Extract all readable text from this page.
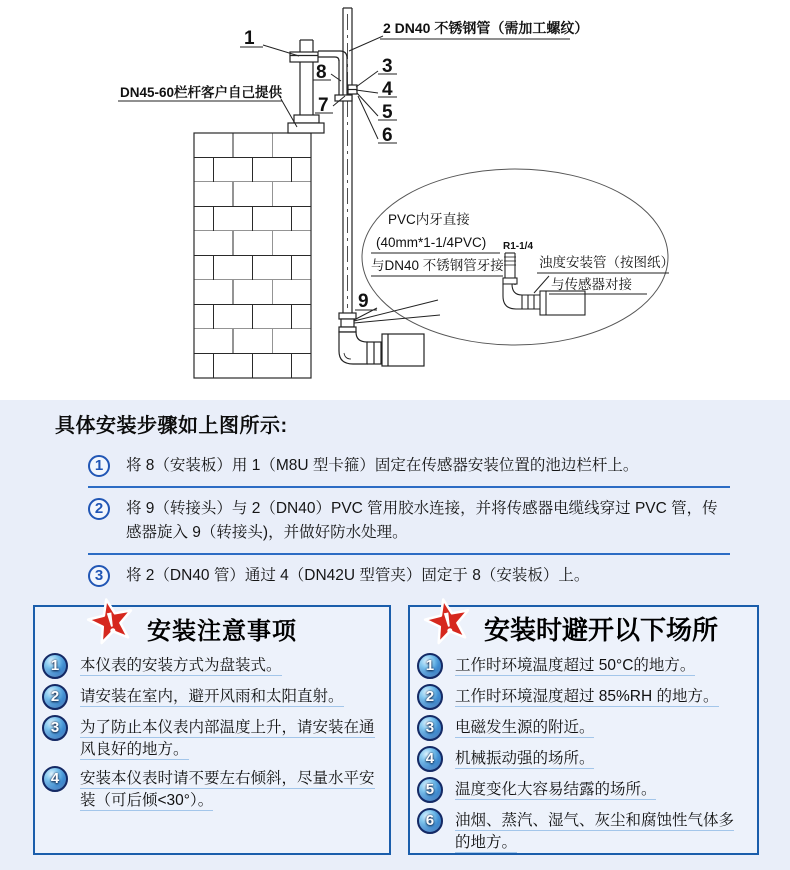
1	2 DN40 不锈钢管（需加工螺纹）
DN45-60栏杆客户自己提供
8
7
3
4
5
6
9
PVC内牙直接
(40mm*1-1/4PVC)
与DN40 不锈钢管牙接
R1-1/4
浊度安装管（按图纸）
与传感器对接
具体安装步骤如上图所示:
1	将 8（安装板）用 1（M8U 型卡箍）固定在传感器安装位置的池边栏杆上。
2	将 9（转接头）与 2（DN40）PVC 管用胶水连接，并将传感器电缆线穿过 PVC 管，传感器旋入 9（转接头)，并做好防水处理。
3	将 2（DN40 管）通过 4（DN42U 型管夹）固定于 8（安装板）上。
! 安装注意事项
1	本仪表的安装方式为盘装式。
2	请安装在室内，避开风雨和太阳直射。
3	为了防止本仪表内部温度上升，请安装在通风良好的地方。
4	安装本仪表时请不要左右倾斜，尽量水平安装（可后倾<30°）。
! 安装时避开以下场所
1	工作时环境温度超过 50°C的地方。
2	工作时环境湿度超过 85%RH 的地方。
3	电磁发生源的附近。
4	机械振动强的场所。
5	温度变化大容易结露的场所。
6	油烟、蒸汽、湿气、灰尘和腐蚀性气体多的地方。
